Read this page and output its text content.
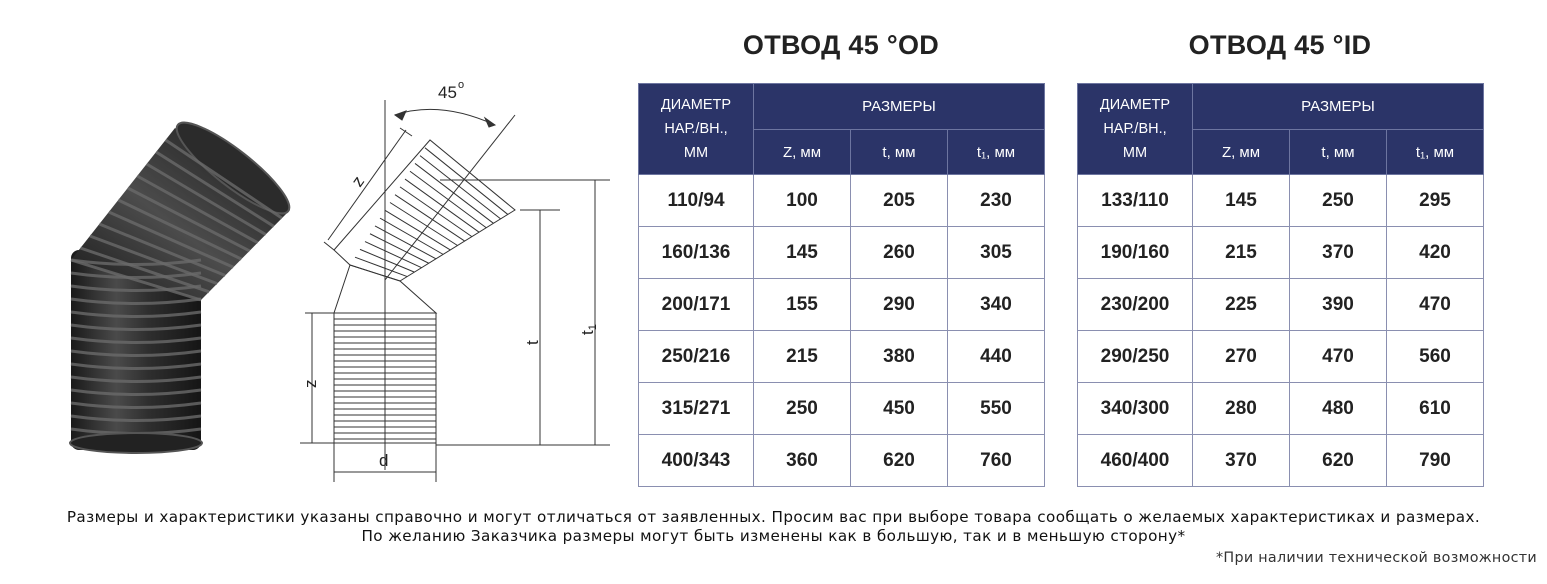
45 o
z
z
t
t1
d
ОТВОД 45 °OD
ДИАМЕТР
НАР./ВН.,
ММ	РАЗМЕРЫ		
	Z, мм	t, мм	t₁, мм
110/94	100	205	230
160/136	145	260	305
200/171	155	290	340
250/216	215	380	440
315/271	250	450	550
400/343	360	620	760
ОТВОД 45 °ID
ДИАМЕТР
НАР./ВН.,
ММ	РАЗМЕРЫ		
	Z, мм	t, мм	t₁, мм
133/110	145	250	295
190/160	215	370	420
230/200	225	390	470
290/250	270	470	560
340/300	280	480	610
460/400	370	620	790
Размеры и характеристики указаны справочно и могут отличаться от заявленных. Просим вас при выборе товара сообщать о желаемых характеристиках и размерах.
По желанию Заказчика размеры могут быть изменены как в большую, так и в меньшую сторону*
*При наличии технической возможности
